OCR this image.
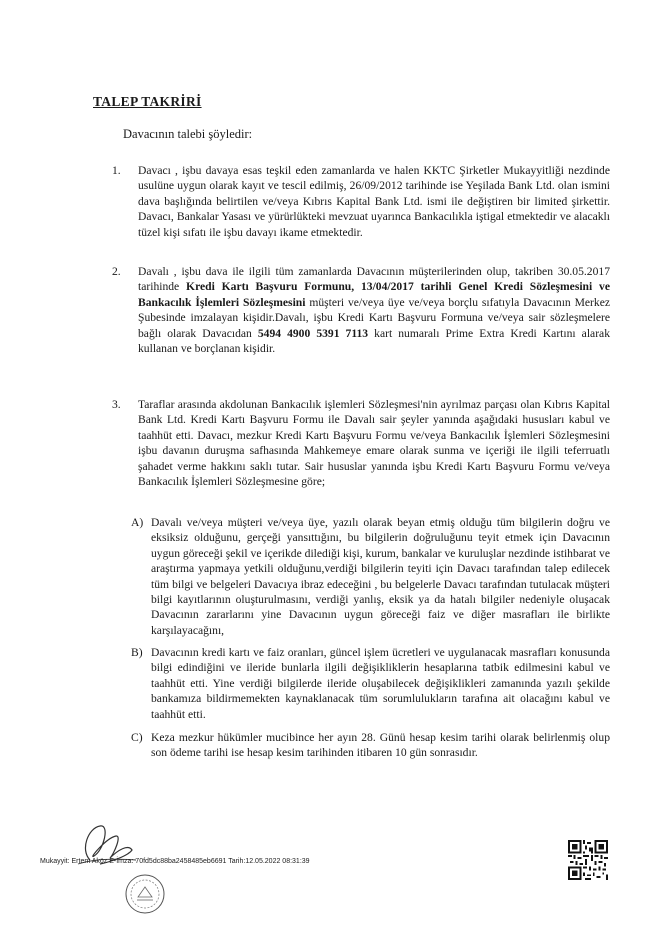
TALEP TAKRİRİ
Davacının talebi şöyledir:
1.	Davacı , işbu davaya esas teşkil eden zamanlarda ve halen KKTC Şirketler Mukayyitliği nezdinde usulüne uygun olarak kayıt ve tescil edilmiş, 26/09/2012 tarihinde ise Yeşilada Bank Ltd. olan ismini dava başlığında belirtilen ve/veya Kıbrıs Kapital Bank Ltd. ismi ile değiştiren bir limited şirkettir. Davacı, Bankalar Yasası ve yürürlükteki mevzuat uyarınca Bankacılıkla iştigal etmektedir ve alacaklı tüzel kişi sıfatı ile işbu davayı ikame etmektedir.
2.	Davalı , işbu dava ile ilgili tüm zamanlarda Davacının müşterilerinden olup, takriben 30.05.2017 tarihinde Kredi Kartı Başvuru Formunu, 13/04/2017 tarihli Genel Kredi Sözleşmesini ve Bankacılık İşlemleri Sözleşmesini müşteri ve/veya üye ve/veya borçlu sıfatıyla Davacının Merkez Şubesinde imzalayan kişidir.Davalı, işbu Kredi Kartı Başvuru Formuna ve/veya sair sözleşmelere bağlı olarak Davacıdan 5494 4900 5391 7113 kart numaralı Prime Extra Kredi Kartını alarak kullanan ve borçlanan kişidir.
3.	Taraflar arasında akdolunan Bankacılık işlemleri Sözleşmesi'nin ayrılmaz parçası olan Kıbrıs Kapital Bank Ltd. Kredi Kartı Başvuru Formu ile Davalı sair şeyler yanında aşağıdaki hususları kabul ve taahhüt etti. Davacı, mezkur Kredi Kartı Başvuru Formu ve/veya Bankacılık İşlemleri Sözleşmesini işbu davanın duruşma safhasında Mahkemeye emare olarak sunma ve içeriği ile ilgili teferruatlı şahadet verme hakkını saklı tutar. Sair hususlar yanında işbu Kredi Kartı Başvuru Formu ve/veya Bankacılık İşlemleri Sözleşmesine göre;
A) Davalı ve/veya müşteri ve/veya üye, yazılı olarak beyan etmiş olduğu tüm bilgilerin doğru ve eksiksiz olduğunu, gerçeği yansıttığını, bu bilgilerin doğruluğunu teyit etmek için Davacının uygun göreceği şekil ve içerikde dilediği kişi, kurum, bankalar ve kuruluşlar nezdinde istihbarat ve araştırma yapmaya yetkili olduğunu,verdiği bilgilerin teyiti için Davacı tarafından talep edilecek tüm bilgi ve belgeleri Davacıya ibraz edeceğini , bu belgelerle Davacı tarafından tutulacak müşteri bilgi kayıtlarının oluşturulmasını, verdiği yanlış, eksik ya da hatalı bilgiler nedeniyle oluşacak Davacının zararlarını yine Davacının uygun göreceği faiz ve diğer masrafları ile birlikte karşılayacağını,
B) Davacının kredi kartı ve faiz oranları, güncel işlem ücretleri ve uygulanacak masrafları konusunda bilgi edindiğini ve ileride bunlarla ilgili değişikliklerin hesaplarına tatbik edilmesini kabul ve taahhüt etti. Yine verdiği bilgilerde ileride oluşabilecek değişiklikleri zamanında yazılı şekilde bankamıza bildirmemekten kaynaklanacak tüm sorumlulukların tarafına ait olacağını kabul ve taahhüt etti.
C) Keza mezkur hükümler mucibince her ayın 28. Günü hesap kesim tarihi olarak belirlenmiş olup son ödeme tarihi ise hesap kesim tarihinden itibaren 10 gün sonrasıdır.
Mukayyit: Ertem Aköz E-İmza: 70fd5dc88ba2458485eb6691 Tarih:12.05.2022 08:31:39
